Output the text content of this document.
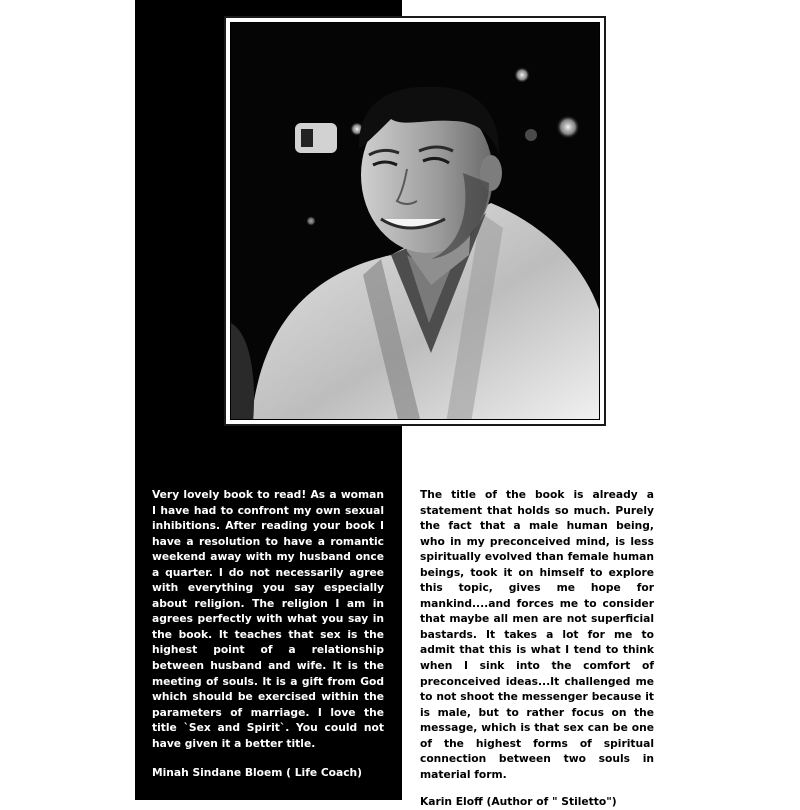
Very lovely book to read! As a woman I have had to confront my own sexual inhibitions. After reading your book I have a resolution to have a romantic weekend away with my husband once a quarter. I do not necessarily agree with everything you say especially about religion. The religion I am in agrees perfectly with what you say in the book. It teaches that sex is the highest point of a relationship between husband and wife. It is the meeting of souls. It is a gift from God which should be exercised within the parameters of marriage. I love the title `Sex and Spirit`. You could not have given it a better title.

Minah Sindane Bloem ( Life Coach)

The title of the book is already a statement that holds so much. Purely the fact that a male human being, who in my preconceived mind, is less spiritually evolved than female human beings, took it on himself to explore this topic, gives me hope for mankind....and forces me to consider that maybe all men are not superficial bastards. It takes a lot for me to admit that this is what I tend to think when I sink into the comfort of preconceived ideas...It challenged me to not shoot the messenger because it is male, but to rather focus on the message, which is that sex can be one of the highest forms of spiritual connection between two souls in material form.

Karin Eloff (Author of " Stiletto")
